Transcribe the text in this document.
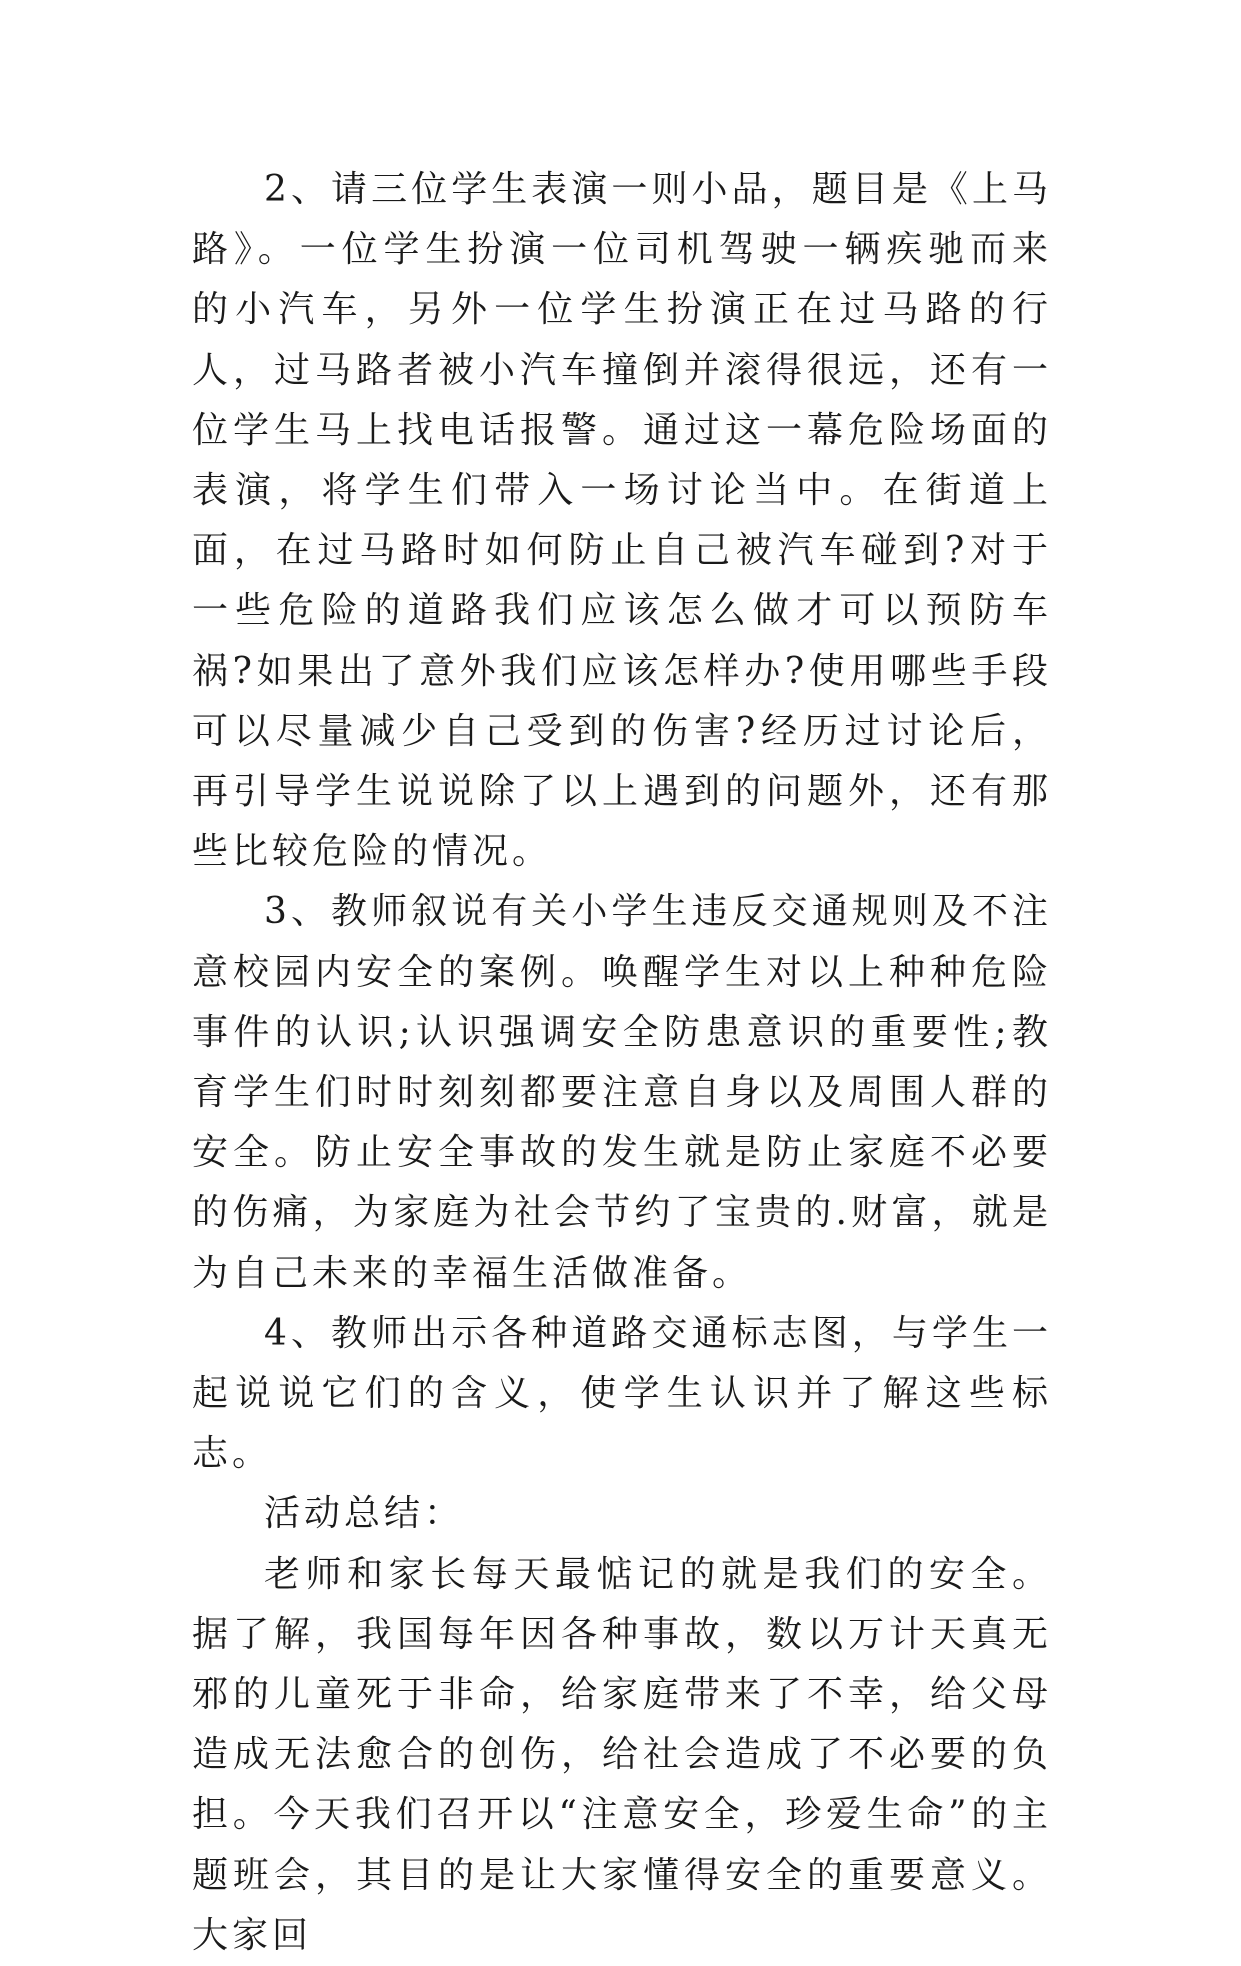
2、请三位学生表演一则小品，题目是《上马路》。一位学生扮演一位司机驾驶一辆疾驰而来的小汽车，另外一位学生扮演正在过马路的行人，过马路者被小汽车撞倒并滚得很远，还有一位学生马上找电话报警。通过这一幕危险场面的表演，将学生们带入一场讨论当中。在街道上面，在过马路时如何防止自己被汽车碰到?对于一些危险的道路我们应该怎么做才可以预防车祸?如果出了意外我们应该怎样办?使用哪些手段可以尽量减少自己受到的伤害?经历过讨论后，再引导学生说说除了以上遇到的问题外，还有那些比较危险的情况。

3、教师叙说有关小学生违反交通规则及不注意校园内安全的案例。唤醒学生对以上种种危险事件的认识;认识强调安全防患意识的重要性;教育学生们时时刻刻都要注意自身以及周围人群的安全。防止安全事故的发生就是防止家庭不必要的伤痛，为家庭为社会节约了宝贵的.财富，就是为自己未来的幸福生活做准备。

4、教师出示各种道路交通标志图，与学生一起说说它们的含义，使学生认识并了解这些标志。

活动总结：

老师和家长每天最惦记的就是我们的安全。据了解，我国每年因各种事故，数以万计天真无邪的儿童死于非命，给家庭带来了不幸，给父母造成无法愈合的创伤，给社会造成了不必要的负担。今天我们召开以“注意安全，珍爱生命”的主题班会，其目的是让大家懂得安全的重要意义。大家回
